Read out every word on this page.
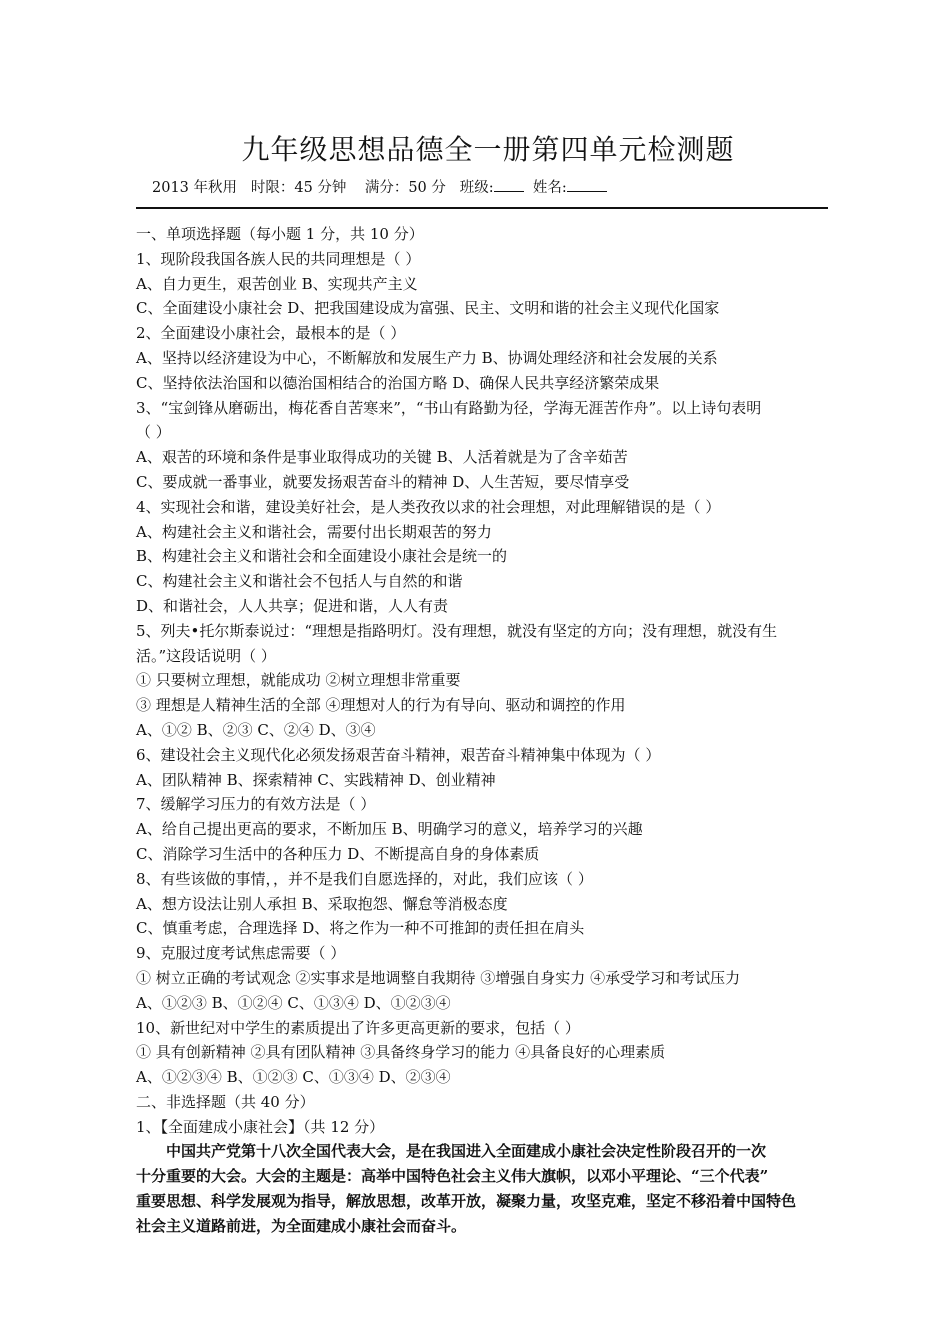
九年级思想品德全一册第四单元检测题
2013 年秋用   时限：45 分钟    满分：50 分   班级:  姓名:
一、单项选择题（每小题 1 分，共 10 分）
1、现阶段我国各族人民的共同理想是（ ）
A、自力更生，艰苦创业 B、实现共产主义
C、全面建设小康社会 D、把我国建设成为富强、民主、文明和谐的社会主义现代化国家
2、全面建设小康社会，最根本的是（ ）
A、坚持以经济建设为中心，不断解放和发展生产力 B、协调处理经济和社会发展的关系
C、坚持依法治国和以德治国相结合的治国方略 D、确保人民共享经济繁荣成果
3、“宝剑锋从磨砺出，梅花香自苦寒来”，“书山有路勤为径，学海无涯苦作舟”。以上诗句表明
（ ）
A、艰苦的环境和条件是事业取得成功的关键 B、人活着就是为了含辛茹苦
C、要成就一番事业，就要发扬艰苦奋斗的精神 D、人生苦短，要尽情享受
4、实现社会和谐，建设美好社会，是人类孜孜以求的社会理想，对此理解错误的是（ ）
A、构建社会主义和谐社会，需要付出长期艰苦的努力
B、构建社会主义和谐社会和全面建设小康社会是统一的
C、构建社会主义和谐社会不包括人与自然的和谐
D、和谐社会，人人共享；促进和谐，人人有责
5、列夫•托尔斯泰说过：“理想是指路明灯。没有理想，就没有坚定的方向；没有理想，就没有生
活。”这段话说明（ ）
① 只要树立理想，就能成功 ②树立理想非常重要
③ 理想是人精神生活的全部 ④理想对人的行为有导向、驱动和调控的作用
A、①② B、②③ C、②④ D、③④
6、建设社会主义现代化必须发扬艰苦奋斗精神，艰苦奋斗精神集中体现为（ ）
A、团队精神 B、探索精神 C、实践精神 D、创业精神
7、缓解学习压力的有效方法是（ ）
A、给自己提出更高的要求，不断加压 B、明确学习的意义，培养学习的兴趣
C、消除学习生活中的各种压力 D、不断提高自身的身体素质
8、有些该做的事情，，并不是我们自愿选择的，对此，我们应该（ ）
A、想方设法让别人承担 B、采取抱怨、懈怠等消极态度
C、慎重考虑，合理选择 D、将之作为一种不可推卸的责任担在肩头
9、克服过度考试焦虑需要（ ）
① 树立正确的考试观念 ②实事求是地调整自我期待 ③增强自身实力 ④承受学习和考试压力
A、①②③ B、①②④ C、①③④ D、①②③④
10、新世纪对中学生的素质提出了许多更高更新的要求，包括（ ）
① 具有创新精神 ②具有团队精神 ③具备终身学习的能力 ④具备良好的心理素质
A、①②③④ B、①②③ C、①③④ D、②③④
二、非选择题（共 40 分）
1、【全面建成小康社会】（共 12 分）
中国共产党第十八次全国代表大会，是在我国进入全面建成小康社会决定性阶段召开的一次
十分重要的大会。大会的主题是：高举中国特色社会主义伟大旗帜，以邓小平理论、“三个代表”
重要思想、科学发展观为指导，解放思想，改革开放，凝聚力量，攻坚克难，坚定不移沿着中国特色
社会主义道路前进，为全面建成小康社会而奋斗。
